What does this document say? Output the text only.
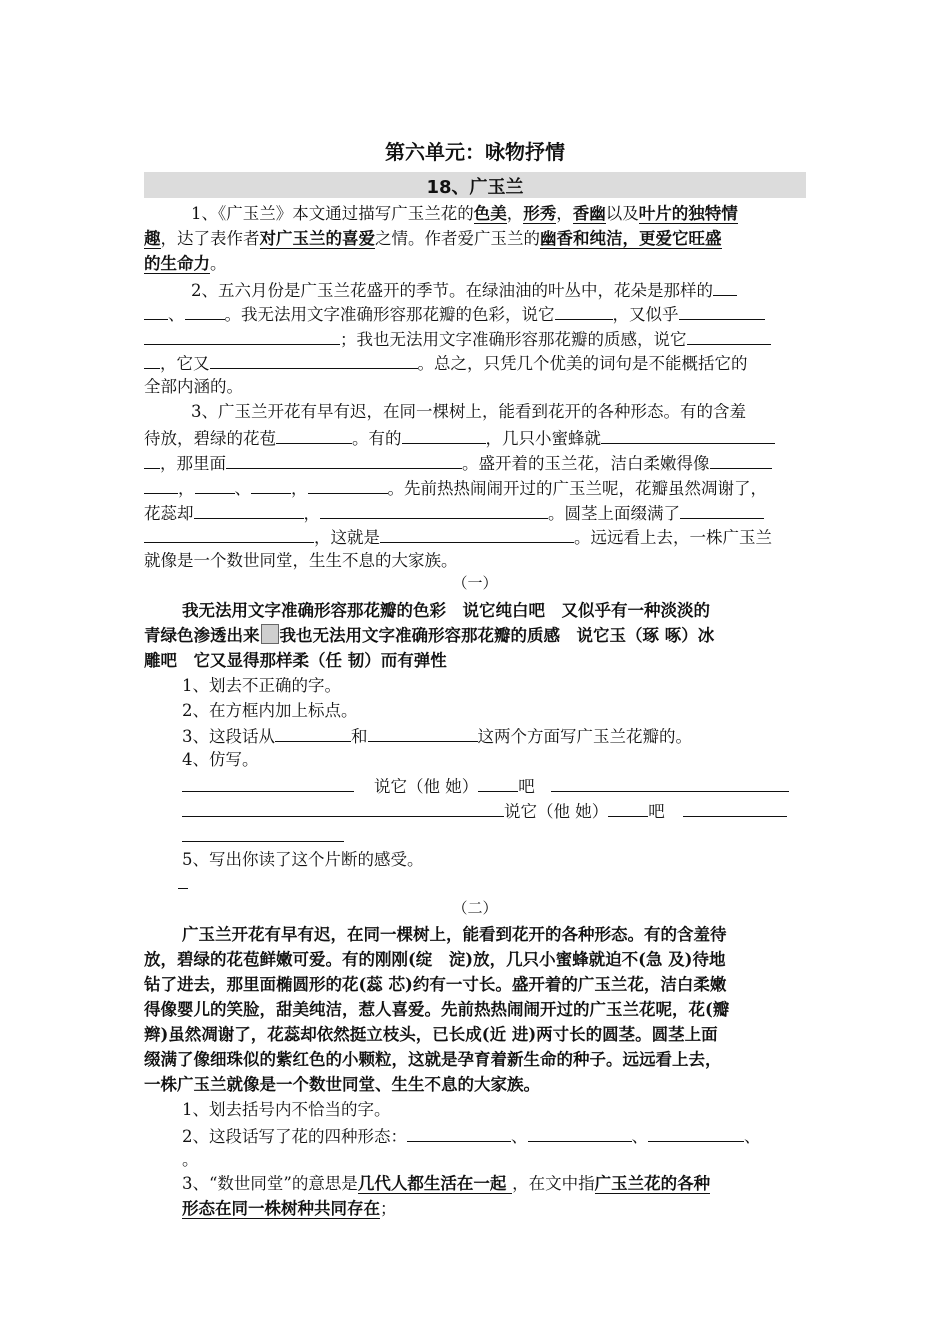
第六单元：咏物抒情
18、广玉兰
1、《广玉兰》本文通过描写广玉兰花的色美，形秀，香幽以及叶片的独特情
趣，达了表作者对广玉兰的喜爱之情。作者爱广玉兰的幽香和纯洁，更爱它旺盛
的生命力。
2、五六月份是广玉兰花盛开的季节。在绿油油的叶丛中，花朵是那样的
、 。我无法用文字准确形容那花瓣的色彩，说它	，又似乎
；我也无法用文字准确形容那花瓣的质感，说它
，它又	。总之，只凭几个优美的词句是不能概括它的
全部内涵的。
3、广玉兰开花有早有迟，在同一棵树上，能看到花开的各种形态。有的含羞
待放，碧绿的花苞	。有的	，几只小蜜蜂就
，那里面	。盛开着的玉兰花，洁白柔嫩得像
， 、 ，	。先前热热闹闹开过的广玉兰呢，花瓣虽然凋谢了，
花蕊却	，	。圆茎上面缀满了
，这就是	。远远看上去，一株广玉兰
就像是一个数世同堂，生生不息的大家族。
（一）
我无法用文字准确形容那花瓣的色彩　说它纯白吧　又似乎有一种淡淡的
青绿色渗透出来 我也无法用文字准确形容那花瓣的质感　说它玉（琢 啄）冰
雕吧　它又显得那样柔（任 韧）而有弹性
1、划去不正确的字。
2、在方框内加上标点。
3、这段话从	和	这两个方面写广玉兰花瓣的。
4、仿写。
说它（他 她） 吧
说它（他 她） 吧
5、写出你读了这个片断的感受。
（二）
广玉兰开花有早有迟，在同一棵树上，能看到花开的各种形态。有的含羞待
放，碧绿的花苞鲜嫩可爱。有的刚刚(绽　淀)放，几只小蜜蜂就迫不(急 及)待地
钻了进去，那里面椭圆形的花(蕊 芯)约有一寸长。盛开着的广玉兰花，洁白柔嫩
得像婴儿的笑脸，甜美纯洁，惹人喜爱。先前热热闹闹开过的广玉兰花呢，花(瓣
辫)虽然凋谢了，花蕊却依然挺立枝头，已长成(近 进)两寸长的圆茎。圆茎上面
缀满了像细珠似的紫红色的小颗粒，这就是孕育着新生命的种子。远远看上去，
一株广玉兰就像是一个数世同堂、生生不息的大家族。
1、划去括号内不恰当的字。
2、这段话写了花的四种形态：	、	、	、
。
3、“数世同堂”的意思是几代人都生活在一起 ，在文中指广玉兰花的各种
形态在同一株树种共同存在；
